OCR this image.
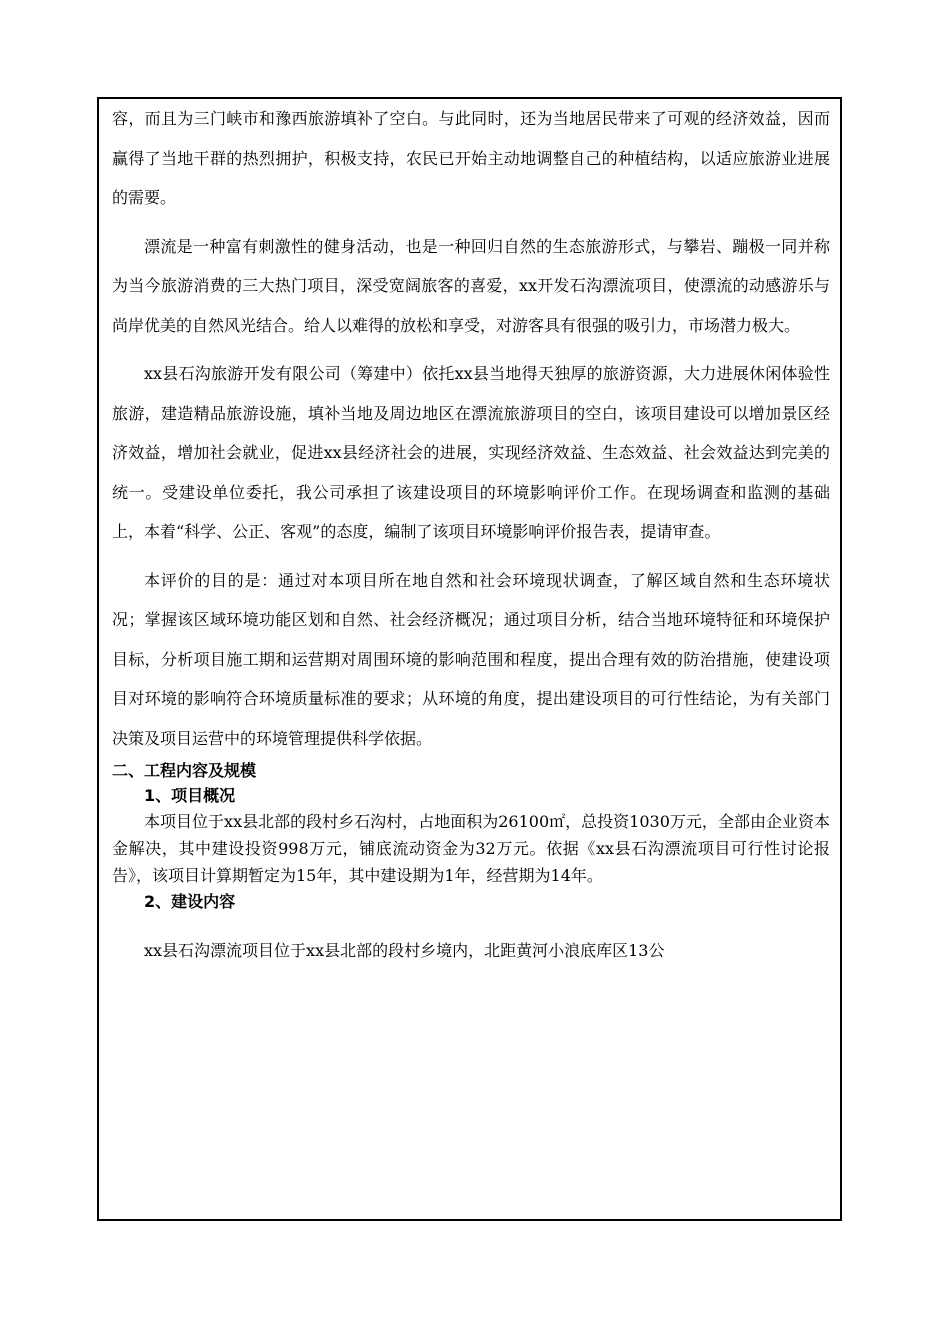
容，而且为三门峡市和豫西旅游填补了空白。与此同时，还为当地居民带来了可观的经济效益，因而赢得了当地干群的热烈拥护，积极支持，农民已开始主动地调整自己的种植结构，以适应旅游业进展的需要。

漂流是一种富有刺激性的健身活动，也是一种回归自然的生态旅游形式，与攀岩、蹦极一同并称为当今旅游消费的三大热门项目，深受宽阔旅客的喜爱，xx开发石沟漂流项目，使漂流的动感游乐与尚岸优美的自然风光结合。给人以难得的放松和享受，对游客具有很强的吸引力，市场潜力极大。

xx县石沟旅游开发有限公司（筹建中）依托xx县当地得天独厚的旅游资源，大力进展休闲体验性旅游，建造精品旅游设施，填补当地及周边地区在漂流旅游项目的空白，该项目建设可以增加景区经济效益，增加社会就业，促进xx县经济社会的进展，实现经济效益、生态效益、社会效益达到完美的统一。受建设单位委托，我公司承担了该建设项目的环境影响评价工作。在现场调查和监测的基础上，本着“科学、公正、客观”的态度，编制了该项目环境影响评价报告表，提请审查。

本评价的目的是：通过对本项目所在地自然和社会环境现状调查，了解区域自然和生态环境状况；掌握该区域环境功能区划和自然、社会经济概况；通过项目分析，结合当地环境特征和环境保护目标，分析项目施工期和运营期对周围环境的影响范围和程度，提出合理有效的防治措施，使建设项目对环境的影响符合环境质量标准的要求；从环境的角度，提出建设项目的可行性结论，为有关部门决策及项目运营中的环境管理提供科学依据。

二、工程内容及规模

1、项目概况

本项目位于xx县北部的段村乡石沟村，占地面积为26100㎡，总投资1030万元，全部由企业资本金解决，其中建设投资998万元，铺底流动资金为32万元。依据《xx县石沟漂流项目可行性讨论报告》，该项目计算期暂定为15年，其中建设期为1年，经营期为14年。

2、建设内容

xx县石沟漂流项目位于xx县北部的段村乡境内，北距黄河小浪底库区13公
